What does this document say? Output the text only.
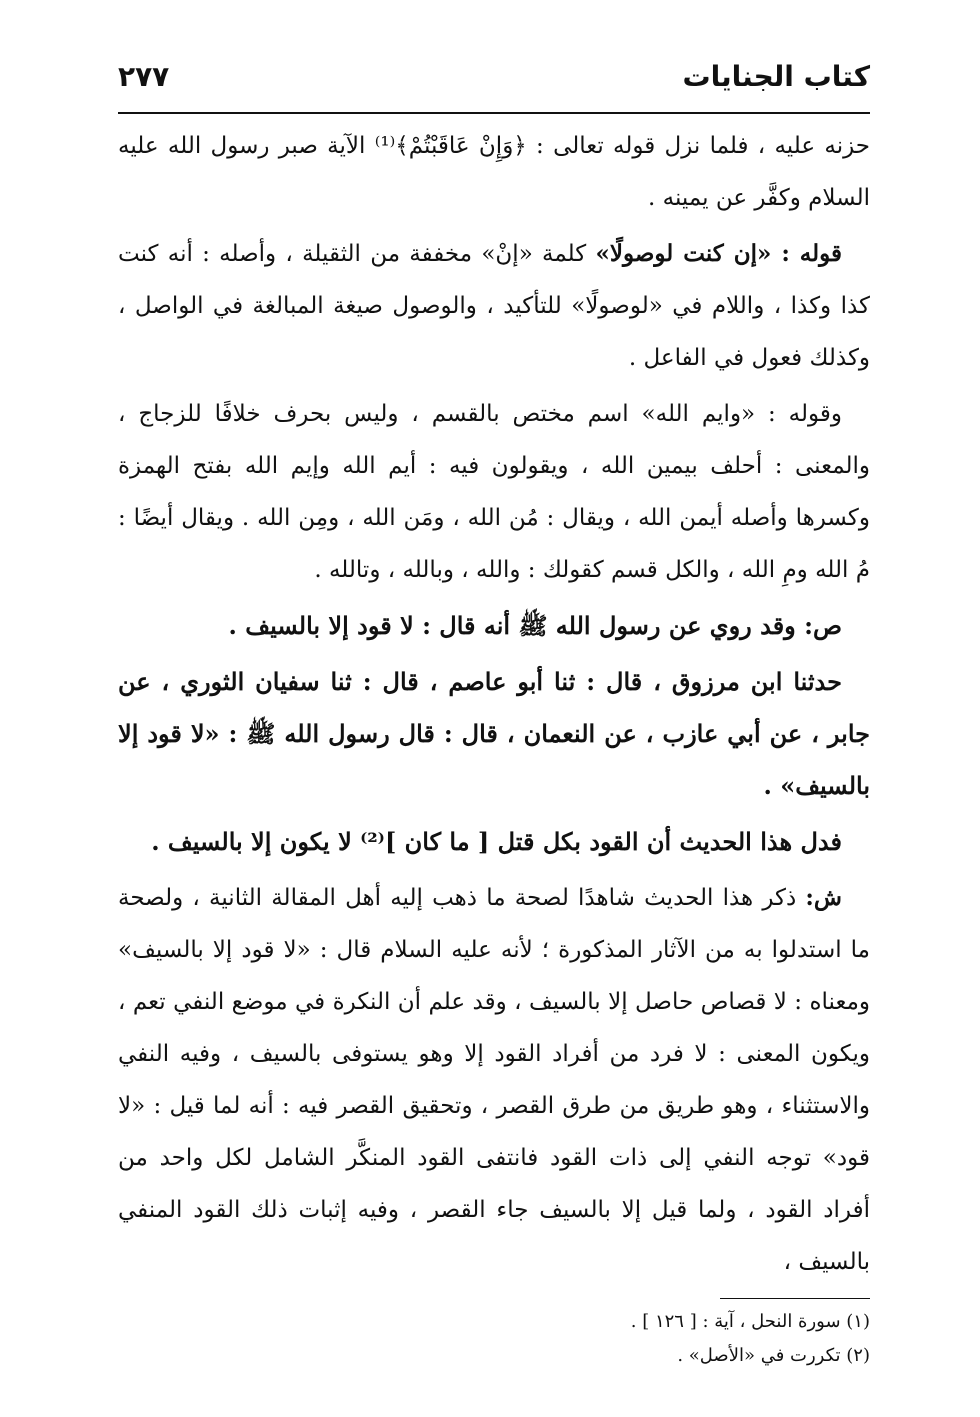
كتاب الجنايات
٢٧٧

حزنه عليه ، فلما نزل قوله تعالى : ﴿وَإِنْ عَاقَبْتُمْ﴾⁽¹⁾ الآية صبر رسول الله عليه السلام وكفَّر عن يمينه .

قوله : «إن كنت لوصولًا» كلمة «إنْ» مخففة من الثقيلة ، وأصله : أنه كنت كذا وكذا ، واللام في «لوصولًا» للتأكيد ، والوصول صيغة المبالغة في الواصل ، وكذلك فعول في الفاعل .

وقوله : «وايم الله» اسم مختص بالقسم ، وليس بحرف خلافًا للزجاج ، والمعنى : أحلف بيمين الله ، ويقولون فيه : أيم الله وإيم الله بفتح الهمزة وكسرها وأصله أيمن الله ، ويقال : مُن الله ، ومَن الله ، ومِن الله . ويقال أيضًا : مُ الله ومِ الله ، والكل قسم كقولك : والله ، وبالله ، وتالله .

ص: وقد روي عن رسول الله ﷺ أنه قال : لا قود إلا بالسيف .

حدثنا ابن مرزوق ، قال : ثنا أبو عاصم ، قال : ثنا سفيان الثوري ، عن جابر ، عن أبي عازب ، عن النعمان ، قال : قال رسول الله ﷺ : «لا قود إلا بالسيف» .

فدل هذا الحديث أن القود بكل قتل [ ما كان ]⁽²⁾ لا يكون إلا بالسيف .

ش: ذكر هذا الحديث شاهدًا لصحة ما ذهب إليه أهل المقالة الثانية ، ولصحة ما استدلوا به من الآثار المذكورة ؛ لأنه عليه السلام قال : «لا قود إلا بالسيف» ومعناه : لا قصاص حاصل إلا بالسيف ، وقد علم أن النكرة في موضع النفي تعم ، ويكون المعنى : لا فرد من أفراد القود إلا وهو يستوفى بالسيف ، وفيه النفي والاستثناء ، وهو طريق من طرق القصر ، وتحقيق القصر فيه : أنه لما قيل : «لا قود» توجه النفي إلى ذات القود فانتفى القود المنكَّر الشامل لكل واحد من أفراد القود ، ولما قيل إلا بالسيف جاء القصر ، وفيه إثبات ذلك القود المنفي بالسيف ،

(١) سورة النحل ، آية : [ ١٢٦ ] .
(٢) تكررت في «الأصل» .
